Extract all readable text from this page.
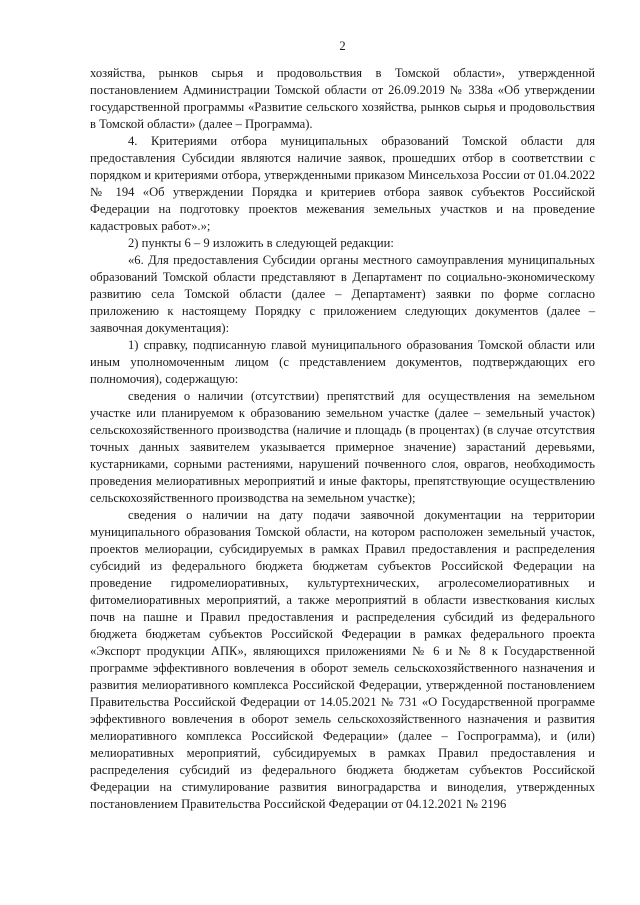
2

хозяйства, рынков сырья и продовольствия в Томской области», утвержденной постановлением Администрации Томской области от 26.09.2019 № 338а «Об утверждении государственной программы «Развитие сельского хозяйства, рынков сырья и продовольствия в Томской области» (далее – Программа).

4. Критериями отбора муниципальных образований Томской области для предоставления Субсидии являются наличие заявок, прошедших отбор в соответствии с порядком и критериями отбора, утвержденными приказом Минсельхоза России от 01.04.2022 № 194 «Об утверждении Порядка и критериев отбора заявок субъектов Российской Федерации на подготовку проектов межевания земельных участков и на проведение кадастровых работ».»;

2) пункты 6 – 9 изложить в следующей редакции:

«6. Для предоставления Субсидии органы местного самоуправления муниципальных образований Томской области представляют в Департамент по социально-экономическому развитию села Томской области (далее – Департамент) заявки по форме согласно приложению к настоящему Порядку с приложением следующих документов (далее – заявочная документация):

1) справку, подписанную главой муниципального образования Томской области или иным уполномоченным лицом (с представлением документов, подтверждающих его полномочия), содержащую:

сведения о наличии (отсутствии) препятствий для осуществления на земельном участке или планируемом к образованию земельном участке (далее – земельный участок) сельскохозяйственного производства (наличие и площадь (в процентах) (в случае отсутствия точных данных заявителем указывается примерное значение) зарастаний деревьями, кустарниками, сорными растениями, нарушений почвенного слоя, оврагов, необходимость проведения мелиоративных мероприятий и иные факторы, препятствующие осуществлению сельскохозяйственного производства на земельном участке);

сведения о наличии на дату подачи заявочной документации на территории муниципального образования Томской области, на котором расположен земельный участок, проектов мелиорации, субсидируемых в рамках Правил предоставления и распределения субсидий из федерального бюджета бюджетам субъектов Российской Федерации на проведение гидромелиоративных, культуртехнических, агролесомелиоративных и фитомелиоративных мероприятий, а также мероприятий в области известкования кислых почв на пашне и Правил предоставления и распределения субсидий из федерального бюджета бюджетам субъектов Российской Федерации в рамках федерального проекта «Экспорт продукции АПК», являющихся приложениями № 6 и № 8 к Государственной программе эффективного вовлечения в оборот земель сельскохозяйственного назначения и развития мелиоративного комплекса Российской Федерации, утвержденной постановлением Правительства Российской Федерации от 14.05.2021 № 731 «О Государственной программе эффективного вовлечения в оборот земель сельскохозяйственного назначения и развития мелиоративного комплекса Российской Федерации» (далее – Госпрограмма), и (или) мелиоративных мероприятий, субсидируемых в рамках Правил предоставления и распределения субсидий из федерального бюджета бюджетам субъектов Российской Федерации на стимулирование развития виноградарства и виноделия, утвержденных постановлением Правительства Российской Федерации от 04.12.2021 № 2196
